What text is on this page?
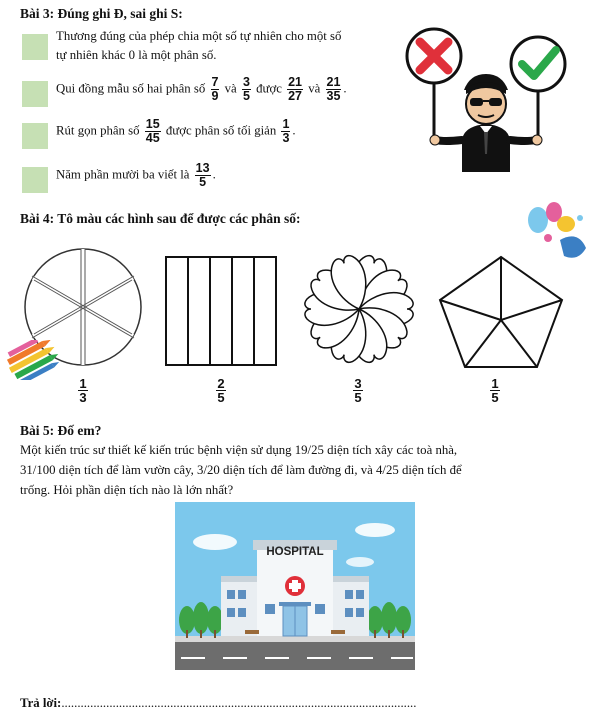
Bài 3: Đúng ghi Đ, sai ghi S:
Thương đúng của phép chia một số tự nhiên cho một số
tự nhiên khác 0 là một phân số.
Qui đồng mẫu số hai phân số $\frac{7}{9}$ và $\frac{3}{5}$ được $\frac{21}{27}$ và $\frac{21}{35}$ .
Rút gọn phân số $\frac{15}{45}$ được phân số tối giản $\frac{1}{3}$ .
Năm phần mười ba viết là $\frac{13}{5}$ .
Bài 4: Tô màu các hình sau để được các phân số:
$\frac{1}{3}$	$\frac{2}{5}$	$\frac{3}{5}$	$\frac{1}{5}$
Bài 5: Đố em?
Một kiến trúc sư thiết kế kiến trúc bệnh viện sử dụng 19/25 diện tích xây các toà nhà,
31/100 diện tích để làm vườn cây, 3/20 diện tích để làm đường đi, và 4/25 diện tích để
trống. Hỏi phần diện tích nào là lớn nhất?
HOSPITAL
Trả lời:...............................................................................................................
